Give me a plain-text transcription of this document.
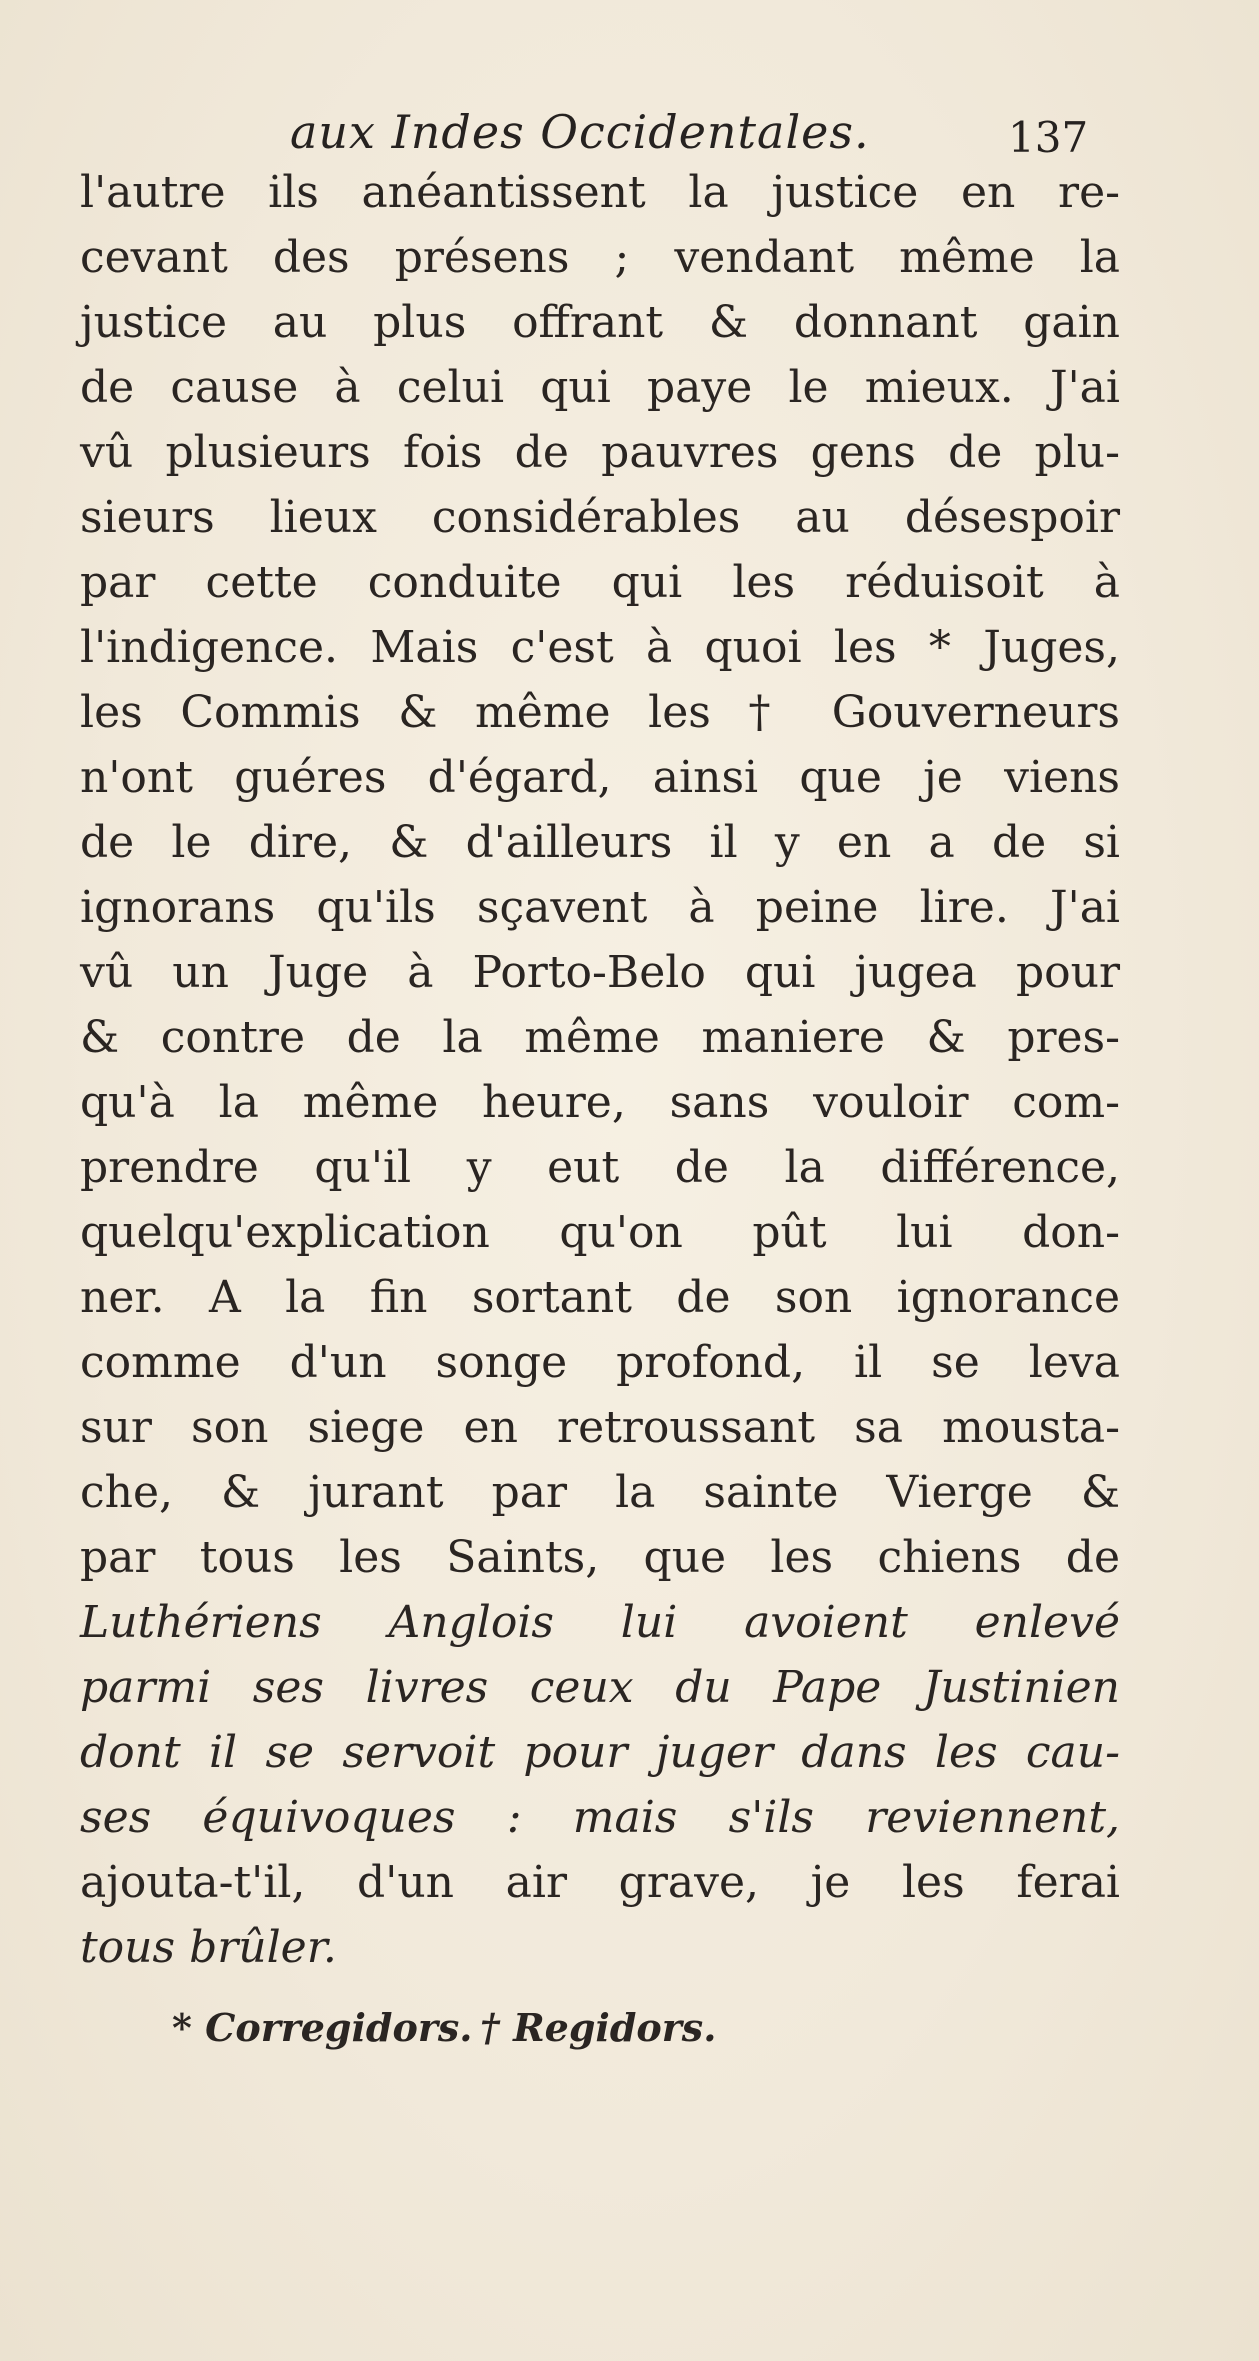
aux Indes Occidentales.	137
l'autre ils anéantissent la justice en re-
cevant des présens ; vendant même la
justice au plus offrant & donnant gain
de cause à celui qui paye le mieux. J'ai
vû plusieurs fois de pauvres gens de plu-
sieurs lieux considérables au désespoir
par cette conduite qui les réduisoit à
l'indigence. Mais c'est à quoi les * Juges,
les Commis & même les † Gouverneurs
n'ont guéres d'égard, ainsi que je viens
de le dire, & d'ailleurs il y en a de si
ignorans qu'ils sçavent à peine lire. J'ai
vû un Juge à Porto-Belo qui jugea pour
& contre de la même maniere & pres-
qu'à la même heure, sans vouloir com-
prendre qu'il y eut de la différence,
quelqu'explication qu'on pût lui don-
ner. A la fin sortant de son ignorance
comme d'un songe profond, il se leva
sur son siege en retroussant sa mousta-
che, & jurant par la sainte Vierge &
par tous les Saints, que les chiens de
Luthériens Anglois lui avoient enlevé
parmi ses livres ceux du Pape Justinien
dont il se servoit pour juger dans les cau-
ses équivoques : mais s'ils reviennent,
ajouta-t'il, d'un air grave, je les ferai
tous brûler.
* Corregidors. † Regidors.
